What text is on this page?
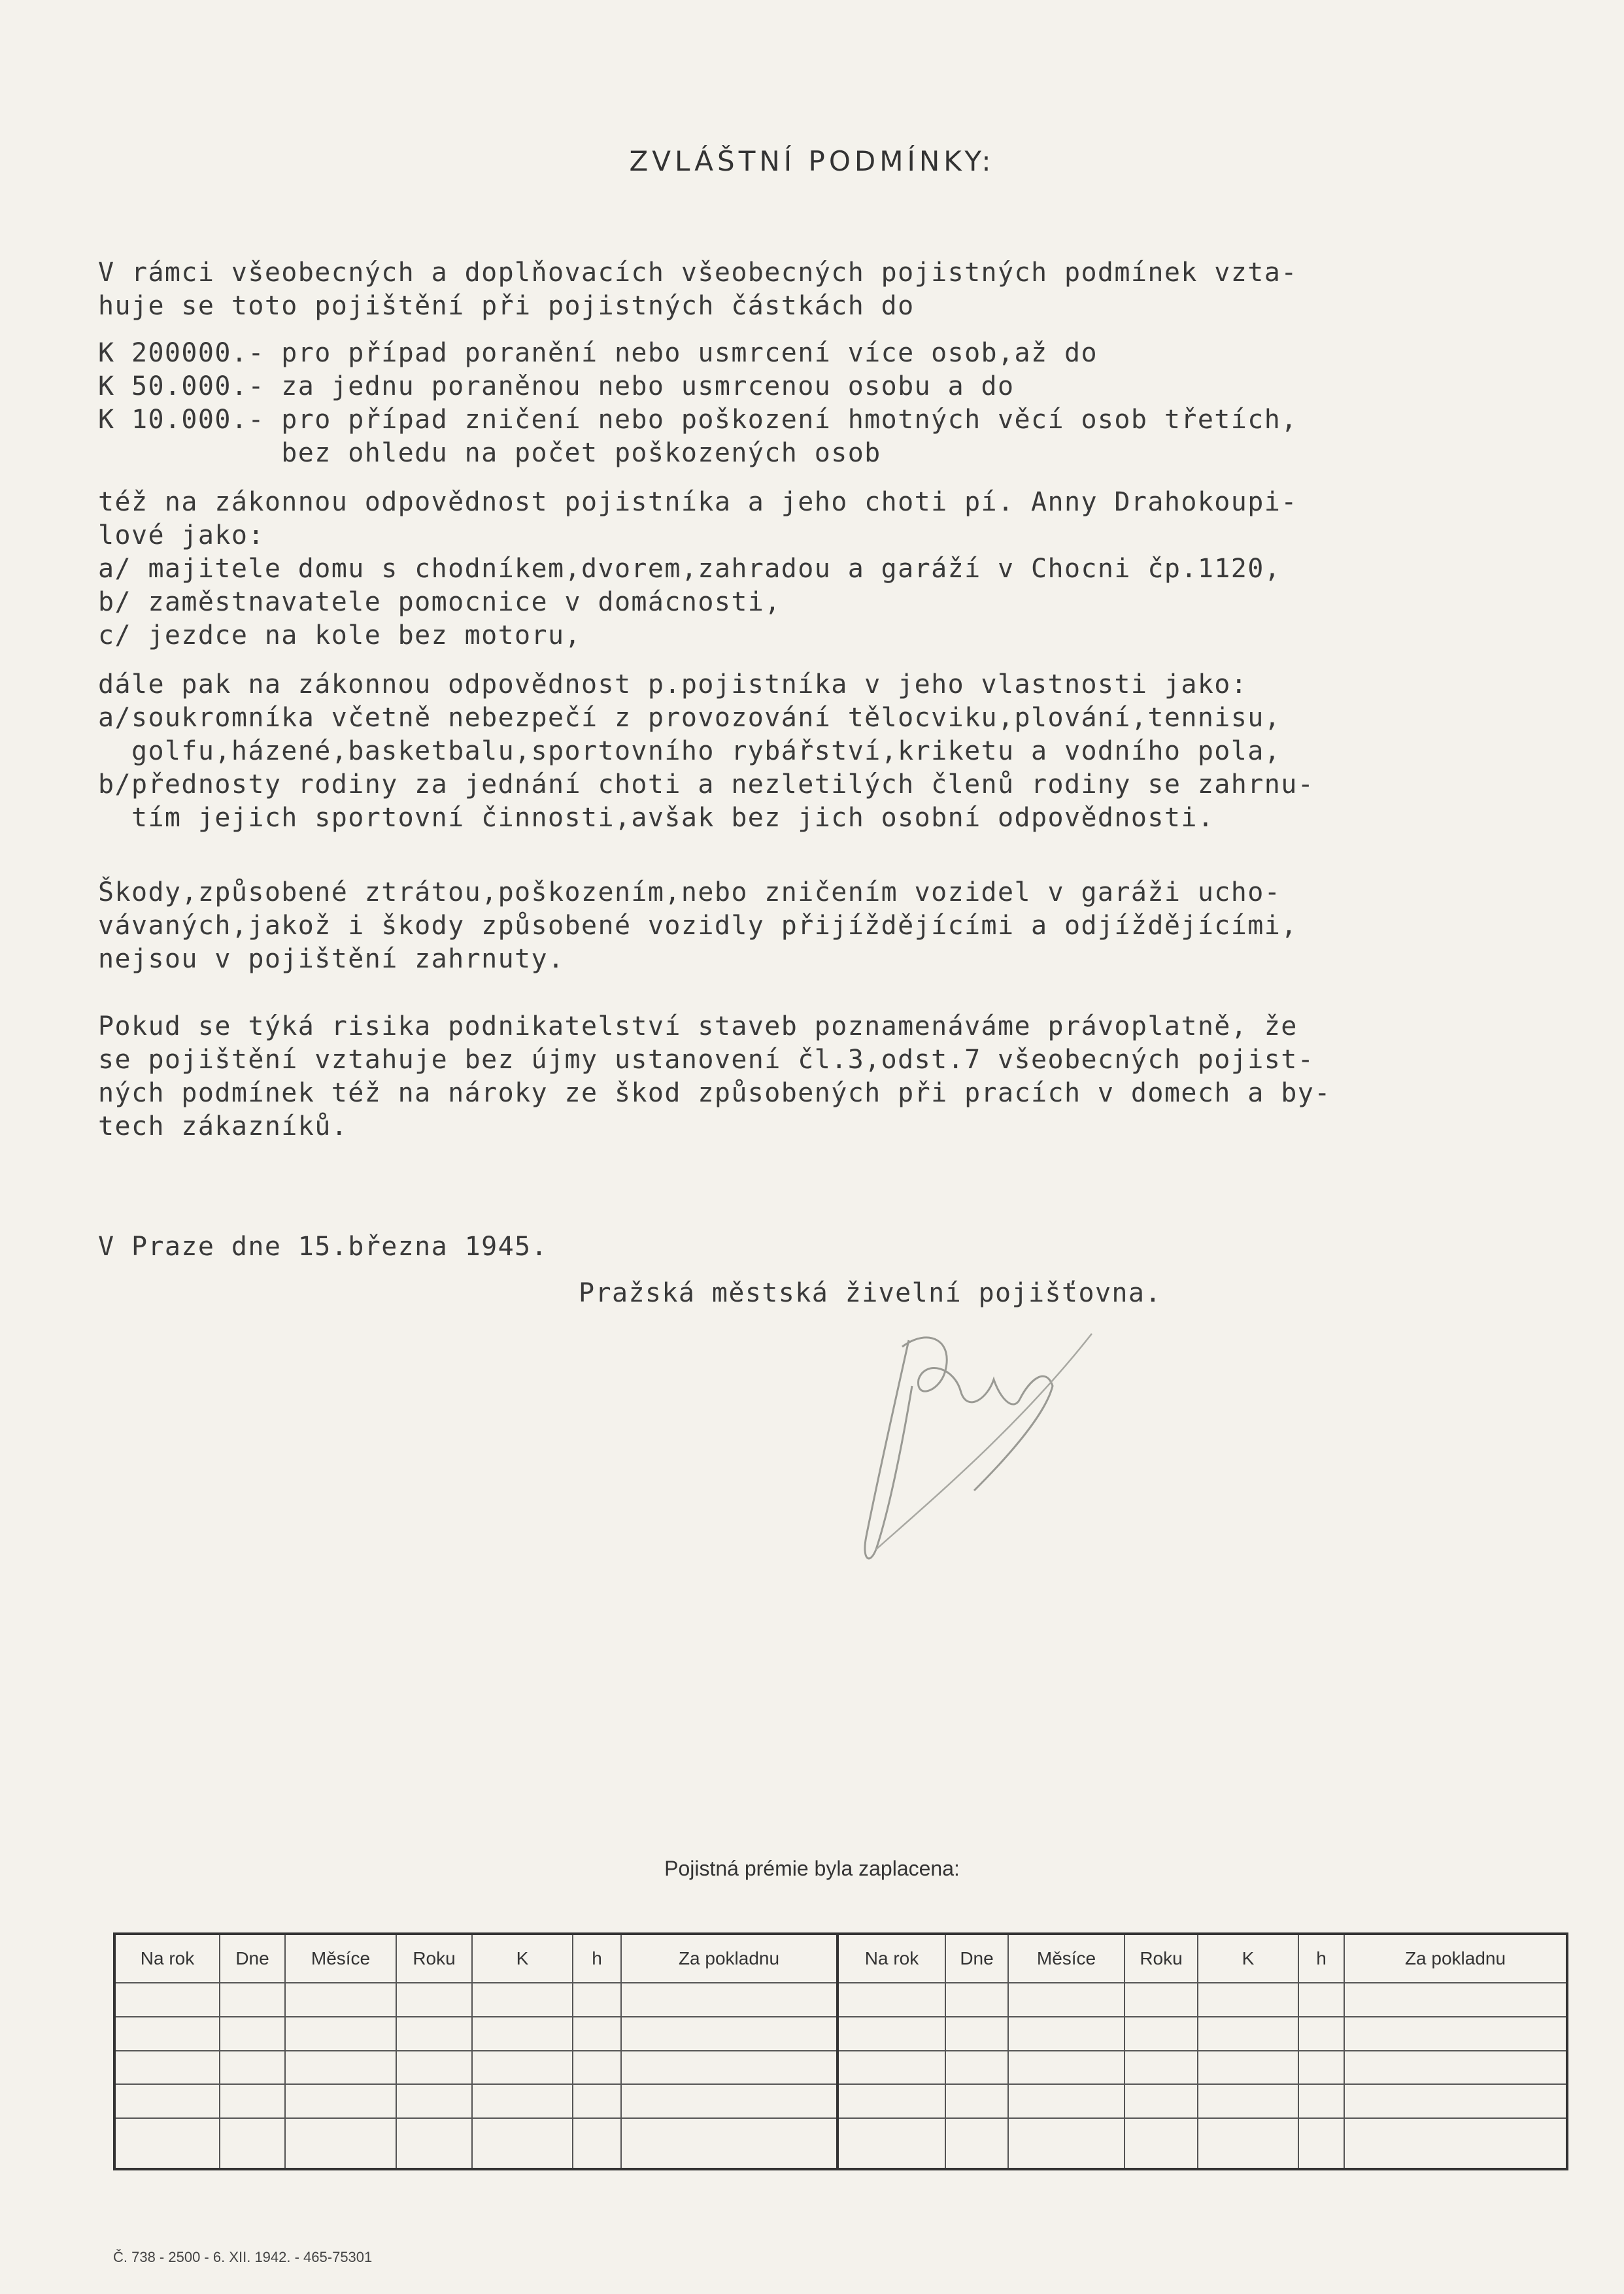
ZVLÁŠTNÍ PODMÍNKY:
V rámci všeobecných a doplňovacích všeobecných pojistných podmínek vzta-
huje se toto pojištění při pojistných částkách do
K 200000.- pro případ poranění nebo usmrcení více osob,až do
K 50.000.- za jednu poraněnou nebo usmrcenou osobu a do
K 10.000.- pro případ zničení nebo poškození hmotných věcí osob třetích,
bez ohledu na počet poškozených osob
též na zákonnou odpovědnost pojistníka a jeho choti pí. Anny Drahokoupi-
lové jako:
a/ majitele domu s chodníkem,dvorem,zahradou a garáží v Chocni čp.1120,
b/ zaměstnavatele pomocnice v domácnosti,
c/ jezdce na kole bez motoru,
dále pak na zákonnou odpovědnost p.pojistníka v jeho vlastnosti jako:
a/soukromníka včetně nebezpečí z provozování tělocviku,plování,tennisu,
golfu,házené,basketbalu,sportovního rybářství,kriketu a vodního pola,
b/přednosty rodiny za jednání choti a nezletilých členů rodiny se zahrnu-
tím jejich sportovní činnosti,avšak bez jich osobní odpovědnosti.
Škody,způsobené ztrátou,poškozením,nebo zničením vozidel v garáži ucho-
vávaných,jakož i škody způsobené vozidly přijíždějícími a odjíždějícími,
nejsou v pojištění zahrnuty.
Pokud se týká risika podnikatelství staveb poznamenáváme právoplatně, že
se pojištění vztahuje bez újmy ustanovení čl.3,odst.7 všeobecných pojist-
ných podmínek též na nároky ze škod způsobených při pracích v domech a by-
tech zákazníků.
V Praze dne 15.března 1945.
Pražská městská živelní pojišťovna.
Pojistná prémie byla zaplacena:
Na rok	Dne	Měsíce	Roku	K	h	Za pokladnu	Na rok	Dne	Měsíce	Roku	K	h	Za pokladnu

Č. 738 - 2500 - 6. XII. 1942. - 465-75301
